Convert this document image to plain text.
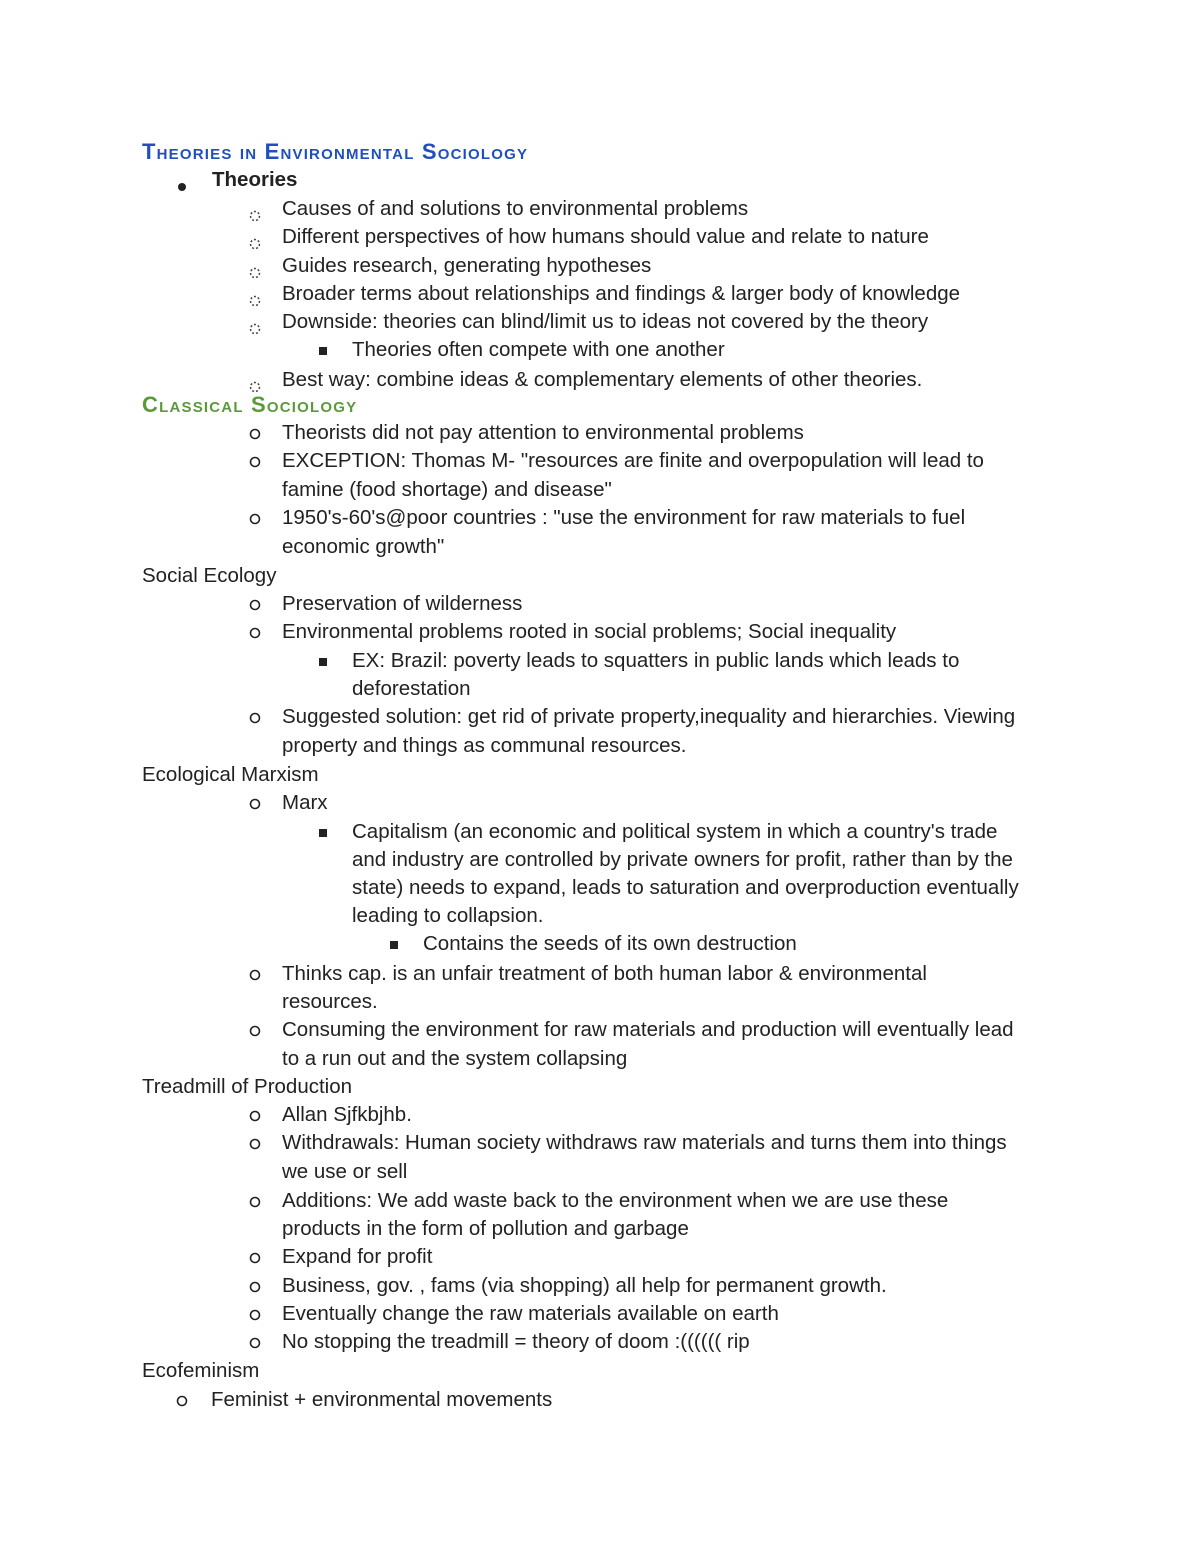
Theories in Environmental Sociology
Theories
Causes of and solutions to environmental problems
Different perspectives of how humans should value and relate to nature
Guides research, generating hypotheses
Broader terms about relationships and findings & larger body of knowledge
Downside: theories can blind/limit us to ideas not covered by the theory
Theories often compete with one another
Best way: combine ideas & complementary elements of other theories.
Classical Sociology
Theorists did not pay attention to environmental problems
EXCEPTION: Thomas M- "resources are finite and overpopulation will lead to
famine (food shortage) and disease"
1950's-60's@poor countries : "use the environment for raw materials to fuel
economic growth"
Social Ecology
Preservation of wilderness
Environmental problems rooted in social problems; Social inequality
EX: Brazil: poverty leads to squatters in public lands which leads to
deforestation
Suggested solution: get rid of private property,inequality and hierarchies. Viewing
property and things as communal resources.
Ecological Marxism
Marx
Capitalism (an economic and political system in which a country's trade
and industry are controlled by private owners for profit, rather than by the
state) needs to expand, leads to saturation and overproduction eventually
leading to collapsion.
Contains the seeds of its own destruction
Thinks cap. is an unfair treatment of both human labor & environmental
resources.
Consuming the environment for raw materials and production will eventually lead
to a run out and the system collapsing
Treadmill of Production
Allan Sjfkbjhb.
Withdrawals: Human society withdraws raw materials and turns them into things
we use or sell
Additions: We add waste back to the environment when we are use these
products in the form of pollution and garbage
Expand for profit
Business, gov. , fams (via shopping) all help for permanent growth.
Eventually change the raw materials available on earth
No stopping the treadmill = theory of doom :(((((( rip
Ecofeminism
Feminist + environmental movements
